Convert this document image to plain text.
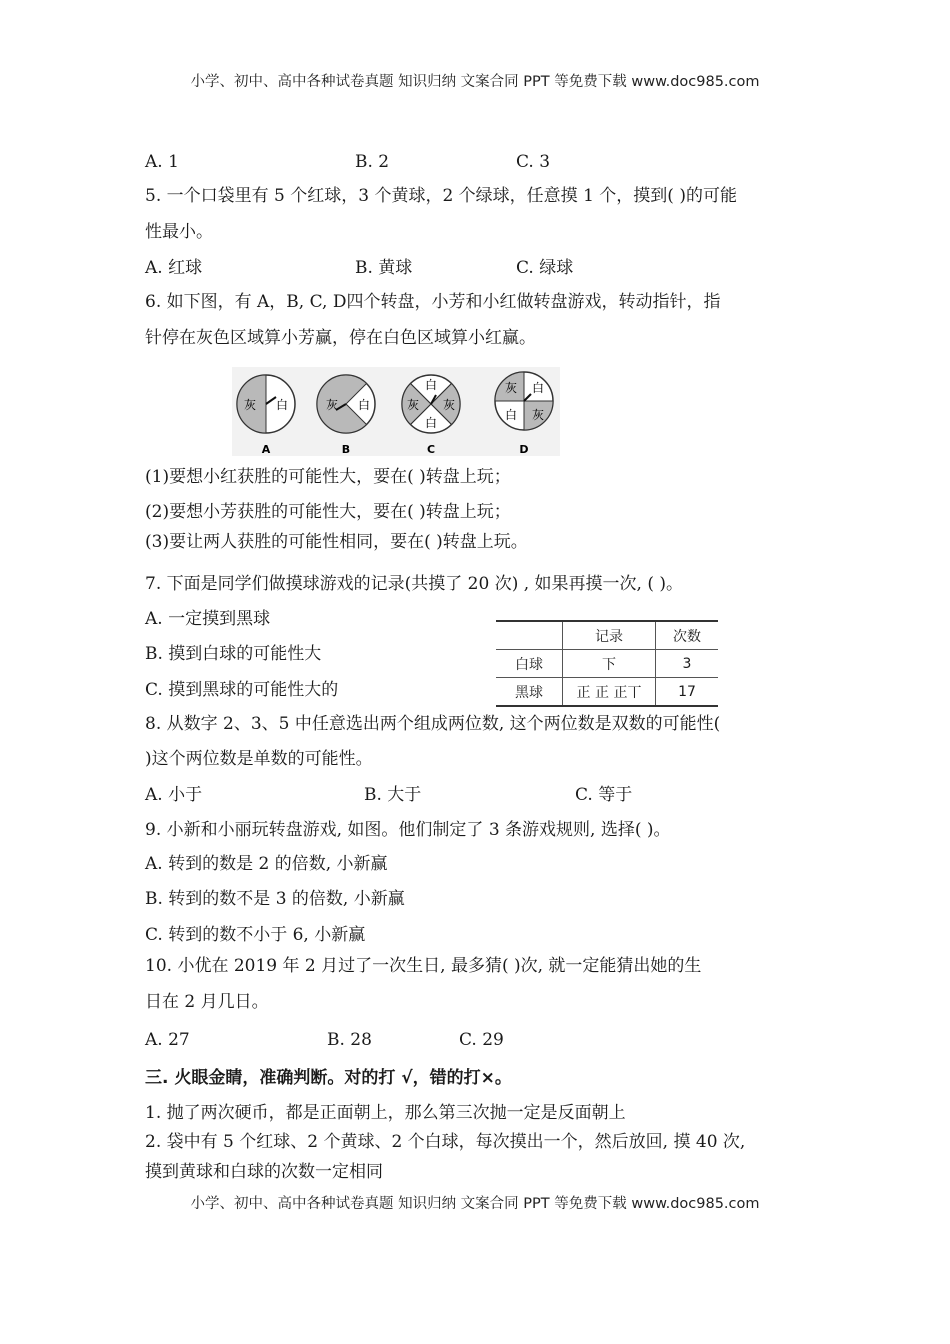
小学、初中、高中各种试卷真题 知识归纳 文案合同 PPT 等免费下载 www.doc985.com
A. 1	B. 2	C. 3
5. 一个口袋里有 5 个红球，3 个黄球，2 个绿球，任意摸 1 个，摸到( )的可能
性最小。
A. 红球	B. 黄球	C. 绿球
6. 如下图，有 A，B, C, D四个转盘，小芳和小红做转盘游戏，转动指针，指
针停在灰色区域算小芳赢，停在白色区域算小红赢。
灰 白
A
灰 白
B
白
灰 灰
白
C
灰 白
白 灰
D
(1)要想小红获胜的可能性大，要在( )转盘上玩；
(2)要想小芳获胜的可能性大，要在( )转盘上玩；
(3)要让两人获胜的可能性相同，要在( )转盘上玩。
7. 下面是同学们做摸球游戏的记录(共摸了 20 次) , 如果再摸一次, ( )。
A. 一定摸到黑球
B. 摸到白球的可能性大
C. 摸到黑球的可能性大的
	记录	次数
白球	下	3
黑球	正 正 正丅	17
8. 从数字 2、3、5 中任意选出两个组成两位数, 这个两位数是双数的可能性(
)这个两位数是单数的可能性。
A. 小于	B. 大于	C. 等于
9. 小新和小丽玩转盘游戏, 如图。他们制定了 3 条游戏规则, 选择( )。
A. 转到的数是 2 的倍数, 小新赢
B. 转到的数不是 3 的倍数, 小新赢
C. 转到的数不小于 6, 小新赢
10. 小优在 2019 年 2 月过了一次生日, 最多猜( )次, 就一定能猜出她的生
日在 2 月几日。
A. 27	B. 28	C. 29
三. 火眼金睛，准确判断。对的打 √，错的打×。
1. 抛了两次硬币，都是正面朝上，那么第三次抛一定是反面朝上
2. 袋中有 5 个红球、2 个黄球、2 个白球，每次摸出一个，然后放回, 摸 40 次,
摸到黄球和白球的次数一定相同
小学、初中、高中各种试卷真题 知识归纳 文案合同 PPT 等免费下载 www.doc985.com
